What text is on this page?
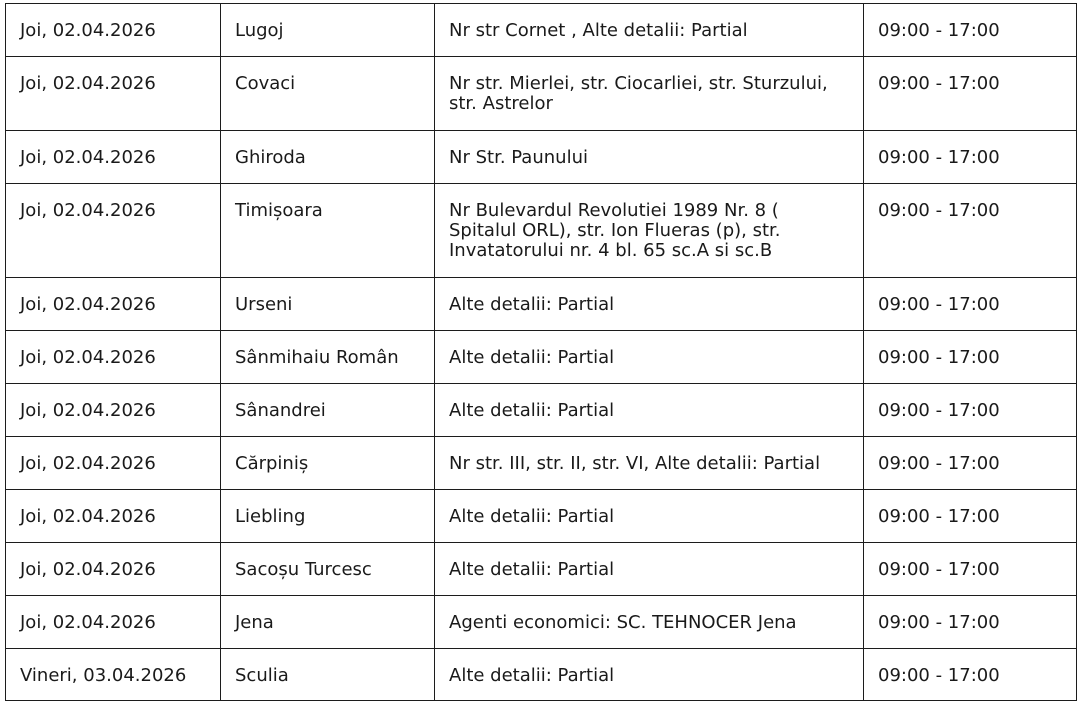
Joi, 02.04.2026	Lugoj	Nr str Cornet , Alte detalii: Partial	09:00 - 17:00
Joi, 02.04.2026	Covaci	Nr str. Mierlei, str. Ciocarliei, str. Sturzului, str. Astrelor	09:00 - 17:00
Joi, 02.04.2026	Ghiroda	Nr Str. Paunului	09:00 - 17:00
Joi, 02.04.2026	Timișoara	Nr Bulevardul Revolutiei 1989 Nr. 8 ( Spitalul ORL), str. Ion Flueras (p), str. Invatatorului nr. 4 bl. 65 sc.A si sc.B	09:00 - 17:00
Joi, 02.04.2026	Urseni	Alte detalii: Partial	09:00 - 17:00
Joi, 02.04.2026	Sânmihaiu Român	Alte detalii: Partial	09:00 - 17:00
Joi, 02.04.2026	Sânandrei	Alte detalii: Partial	09:00 - 17:00
Joi, 02.04.2026	Cărpiniș	Nr str. III, str. II, str. VI, Alte detalii: Partial	09:00 - 17:00
Joi, 02.04.2026	Liebling	Alte detalii: Partial	09:00 - 17:00
Joi, 02.04.2026	Sacoșu Turcesc	Alte detalii: Partial	09:00 - 17:00
Joi, 02.04.2026	Jena	Agenti economici: SC. TEHNOCER Jena	09:00 - 17:00
Vineri, 03.04.2026	Sculia	Alte detalii: Partial	09:00 - 17:00
